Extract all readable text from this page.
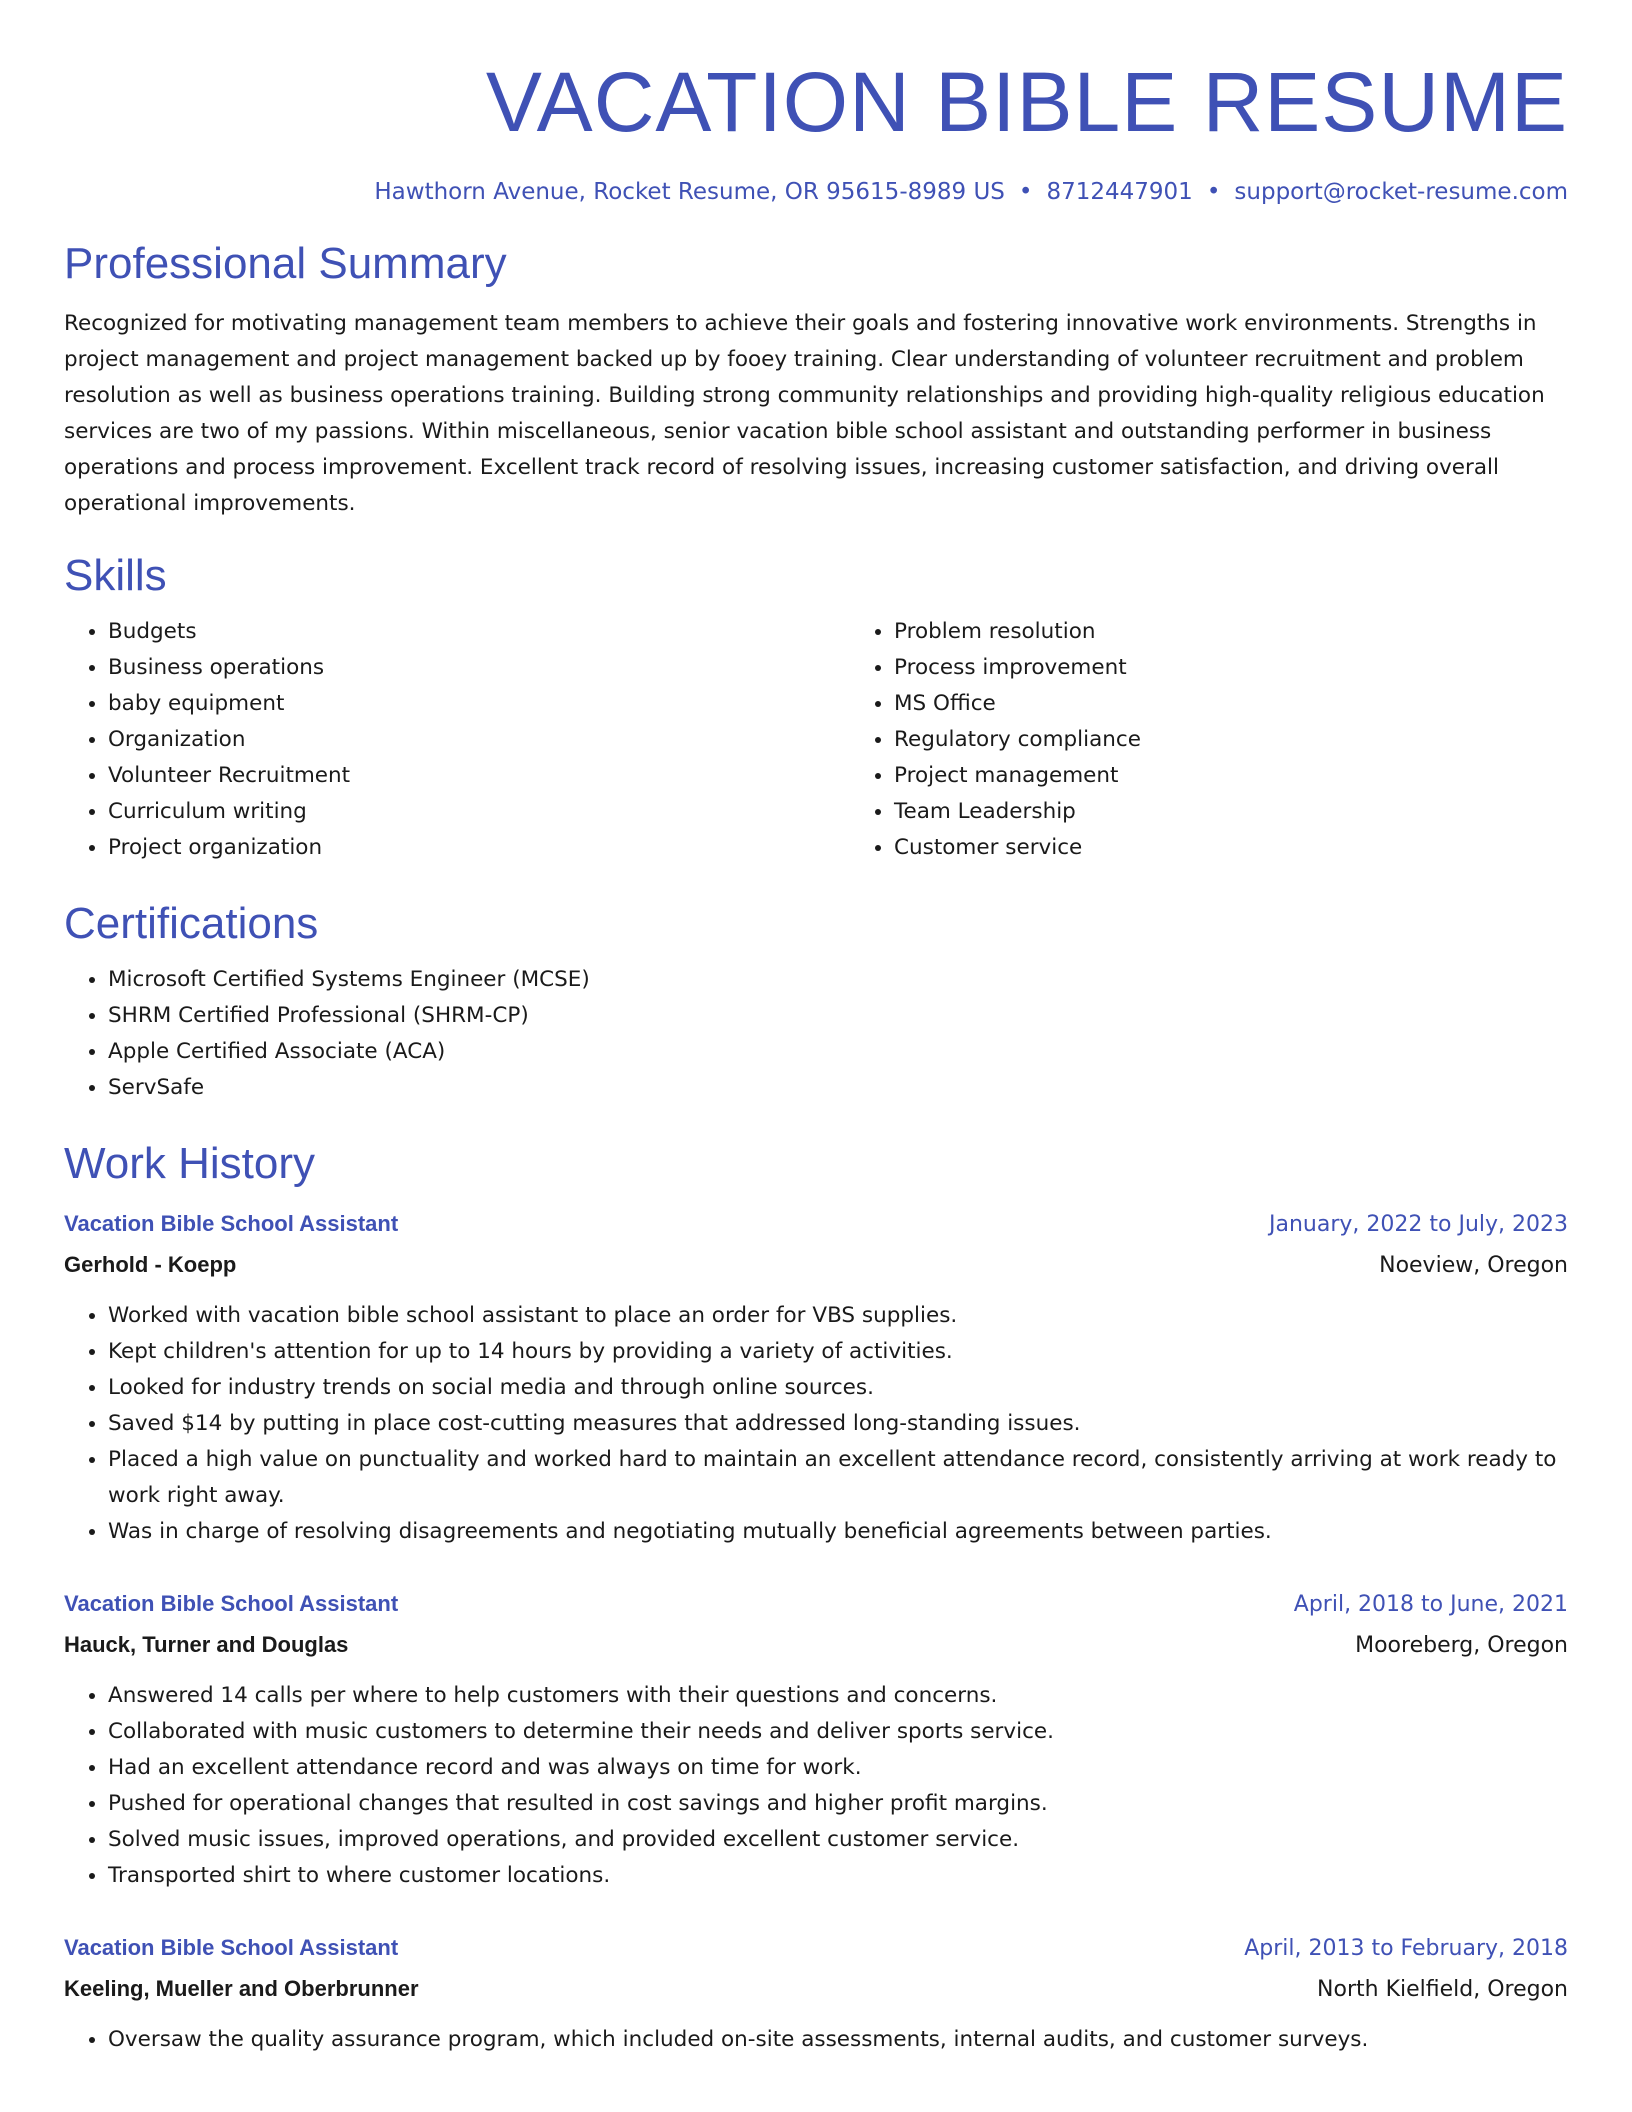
VACATION BIBLE RESUME
Hawthorn Avenue, Rocket Resume, OR 95615-8989 US • 8712447901 • support@rocket-resume.com
Professional Summary

Recognized for motivating management team members to achieve their goals and fostering innovative work environments. Strengths in project management and project management backed up by fooey training. Clear understanding of volunteer recruitment and problem resolution as well as business operations training. Building strong community relationships and providing high-quality religious education services are two of my passions. Within miscellaneous, senior vacation bible school assistant and outstanding performer in business operations and process improvement. Excellent track record of resolving issues, increasing customer satisfaction, and driving overall operational improvements.

Skills
• Budgets
• Business operations
• baby equipment
• Organization
• Volunteer Recruitment
• Curriculum writing
• Project organization
• Problem resolution
• Process improvement
• MS Office
• Regulatory compliance
• Project management
• Team Leadership
• Customer service
Certifications
• Microsoft Certified Systems Engineer (MCSE)
• SHRM Certified Professional (SHRM-CP)
• Apple Certified Associate (ACA)
• ServSafe
Work History
Vacation Bible School Assistant	January, 2022 to July, 2023
Gerhold - Koepp	Noeview, Oregon
• Worked with vacation bible school assistant to place an order for VBS supplies.
• Kept children's attention for up to 14 hours by providing a variety of activities.
• Looked for industry trends on social media and through online sources.
• Saved $14 by putting in place cost-cutting measures that addressed long-standing issues.
• Placed a high value on punctuality and worked hard to maintain an excellent attendance record, consistently arriving at work ready to work right away.
• Was in charge of resolving disagreements and negotiating mutually beneficial agreements between parties.
Vacation Bible School Assistant	April, 2018 to June, 2021
Hauck, Turner and Douglas	Mooreberg, Oregon
• Answered 14 calls per where to help customers with their questions and concerns.
• Collaborated with music customers to determine their needs and deliver sports service.
• Had an excellent attendance record and was always on time for work.
• Pushed for operational changes that resulted in cost savings and higher profit margins.
• Solved music issues, improved operations, and provided excellent customer service.
• Transported shirt to where customer locations.
Vacation Bible School Assistant	April, 2013 to February, 2018
Keeling, Mueller and Oberbrunner	North Kielfield, Oregon
• Oversaw the quality assurance program, which included on-site assessments, internal audits, and customer surveys.
